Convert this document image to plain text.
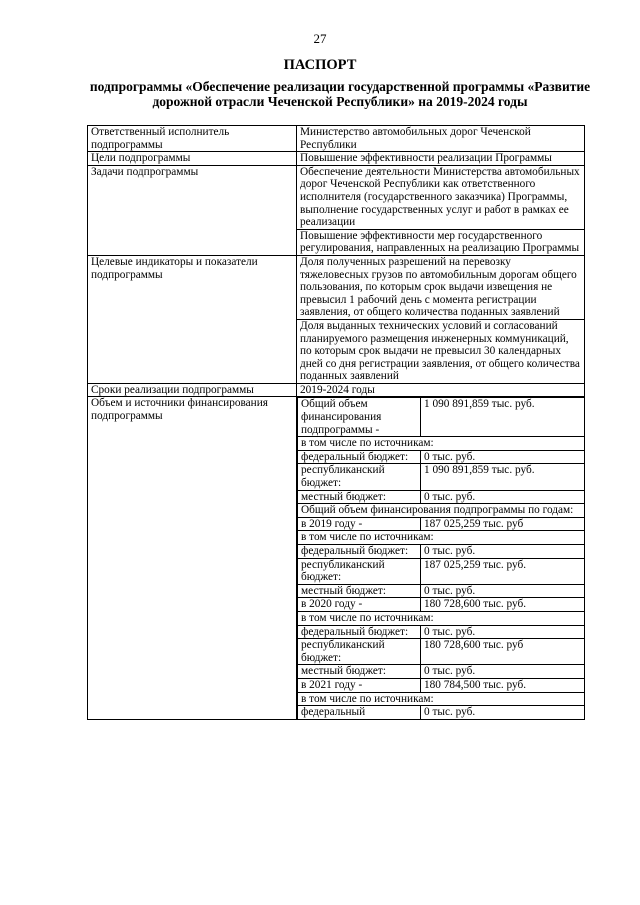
27
ПАСПОРТ
подпрограммы «Обеспечение реализации государственной программы «Развитие дорожной отрасли Чеченской Республики» на 2019-2024 годы
Ответственный исполнитель подпрограммы	Министерство автомобильных дорог Чеченской Республики
Цели подпрограммы	Повышение эффективности реализации Программы
Задачи подпрограммы	Обеспечение деятельности Министерства автомобильных дорог Чеченской Республики как ответственного исполнителя (государственного заказчика) Программы, выполнение государственных услуг и работ в рамках ее реализации
Повышение эффективности мер государственного регулирования, направленных на реализацию Программы
Целевые индикаторы и показатели подпрограммы	Доля полученных разрешений на перевозку тяжеловесных грузов по автомобильным дорогам общего пользования, по которым срок выдачи извещения не превысил 1 рабочий день с момента регистрации заявления, от общего количества поданных заявлений
Доля выданных технических условий и согласований планируемого размещения инженерных коммуникаций, по которым срок выдачи не превысил 30 календарных дней со дня регистрации заявления, от общего количества поданных заявлений
Сроки реализации подпрограммы	2019-2024 годы
Объем и источники финансирования подпрограммы	
Общий объем финансирования подпрограммы -	1 090 891,859 тыс. руб.
в том числе по источникам:
федеральный бюджет:	0 тыс. руб.
республиканский бюджет:	1 090 891,859 тыс. руб.
местный бюджет:	0 тыс. руб.
Общий объем финансирования подпрограммы по годам:
в 2019 году -	187 025,259 тыс. руб
в том числе по источникам:
федеральный бюджет:	0 тыс. руб.
республиканский бюджет:	187 025,259 тыс. руб.
местный бюджет:	0 тыс. руб.
в 2020 году -	180 728,600 тыс. руб.
в том числе по источникам:
федеральный бюджет:	0 тыс. руб.
республиканский бюджет:	180 728,600 тыс. руб
местный бюджет:	0 тыс. руб.
в 2021 году -	180 784,500 тыс. руб.
в том числе по источникам:
федеральный	0 тыс. руб.
